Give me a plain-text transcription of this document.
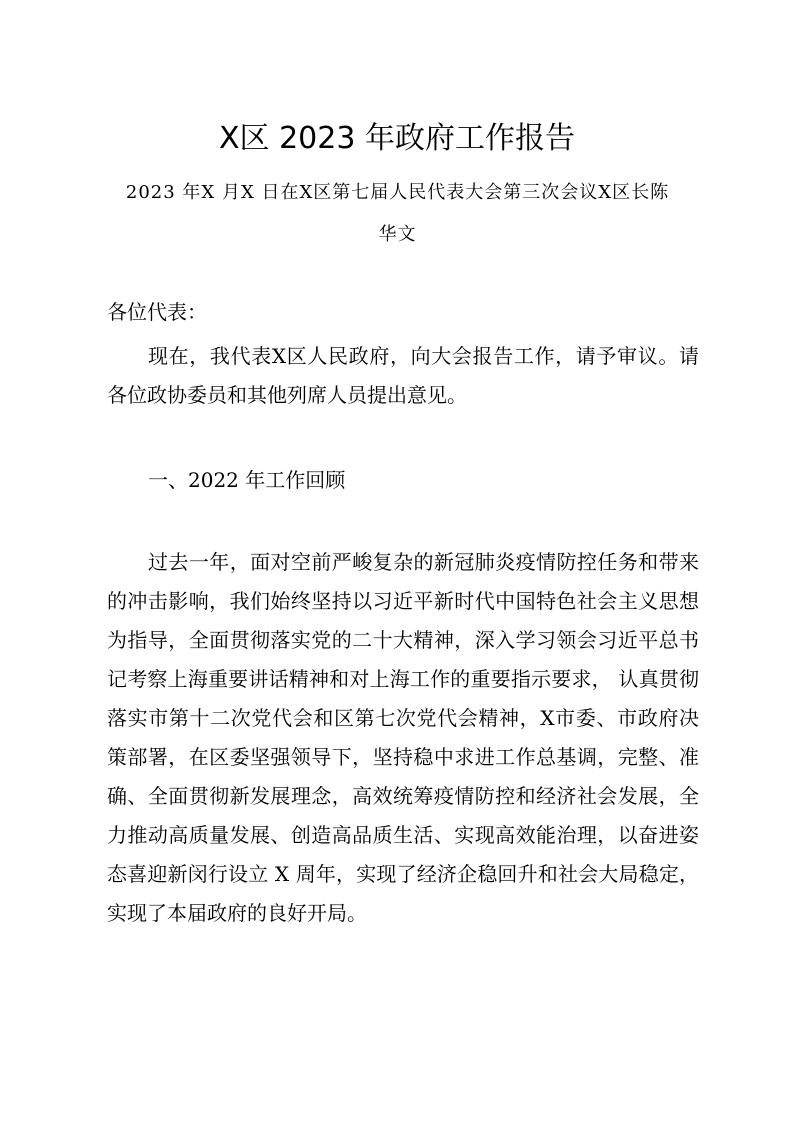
X区 2023 年政府工作报告
2023 年X 月X 日在X区第七届人民代表大会第三次会议X区长陈华文
各位代表：
现在，我代表X区人民政府，向大会报告工作，请予审议。请各位政协委员和其他列席人员提出意见。
一、2022 年工作回顾
过去一年，面对空前严峻复杂的新冠肺炎疫情防控任务和带来的冲击影响，我们始终坚持以习近平新时代中国特色社会主义思想为指导，全面贯彻落实党的二十大精神，深入学习领会习近平总书记考察上海重要讲话精神和对上海工作的重要指示要求， 认真贯彻落实市第十二次党代会和区第七次党代会精神，X市委、市政府决策部署，在区委坚强领导下，坚持稳中求进工作总基调，完整、准确、全面贯彻新发展理念，高效统筹疫情防控和经济社会发展，全力推动高质量发展、创造高品质生活、实现高效能治理，以奋进姿态喜迎新闵行设立 X 周年，实现了经济企稳回升和社会大局稳定，实现了本届政府的良好开局。
